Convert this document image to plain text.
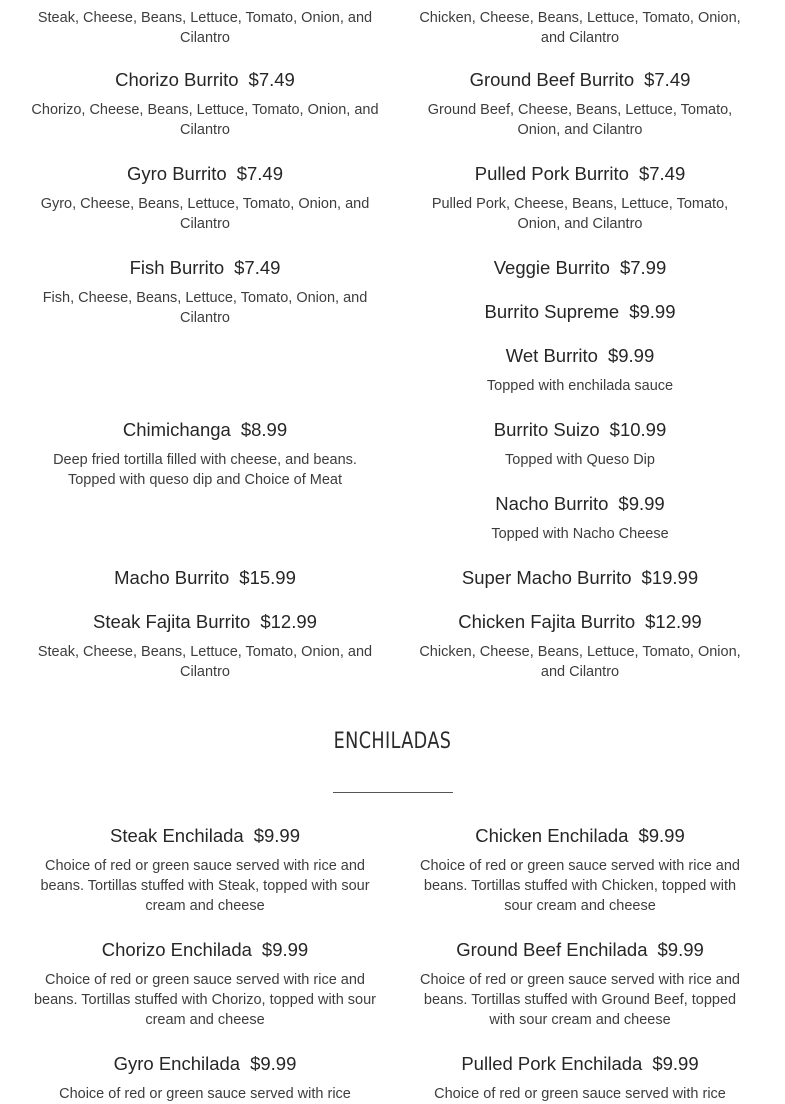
Steak, Cheese, Beans, Lettuce, Tomato, Onion, and Cilantro
Chorizo Burrito $7.49
Chorizo, Cheese, Beans, Lettuce, Tomato, Onion, and Cilantro
Gyro Burrito $7.49
Gyro, Cheese, Beans, Lettuce, Tomato, Onion, and Cilantro
Fish Burrito $7.49
Fish, Cheese, Beans, Lettuce, Tomato, Onion, and Cilantro
Chimichanga $8.99
Deep fried tortilla filled with cheese, and beans. Topped with queso dip and Choice of Meat
Macho Burrito $15.99
Steak Fajita Burrito $12.99
Steak, Cheese, Beans, Lettuce, Tomato, Onion, and Cilantro
Chicken, Cheese, Beans, Lettuce, Tomato, Onion, and Cilantro
Ground Beef Burrito $7.49
Ground Beef, Cheese, Beans, Lettuce, Tomato, Onion, and Cilantro
Pulled Pork Burrito $7.49
Pulled Pork, Cheese, Beans, Lettuce, Tomato, Onion, and Cilantro
Veggie Burrito $7.99
Burrito Supreme $9.99
Wet Burrito $9.99
Topped with enchilada sauce
Burrito Suizo $10.99
Topped with Queso Dip
Nacho Burrito $9.99
Topped with Nacho Cheese
Super Macho Burrito $19.99
Chicken Fajita Burrito $12.99
Chicken, Cheese, Beans, Lettuce, Tomato, Onion, and Cilantro
ENCHILADAS
Steak Enchilada $9.99
Choice of red or green sauce served with rice and beans. Tortillas stuffed with Steak, topped with sour cream and cheese
Chorizo Enchilada $9.99
Choice of red or green sauce served with rice and beans. Tortillas stuffed with Chorizo, topped with sour cream and cheese
Gyro Enchilada $9.99
Choice of red or green sauce served with rice
Chicken Enchilada $9.99
Choice of red or green sauce served with rice and beans. Tortillas stuffed with Chicken, topped with sour cream and cheese
Ground Beef Enchilada $9.99
Choice of red or green sauce served with rice and beans. Tortillas stuffed with Ground Beef, topped with sour cream and cheese
Pulled Pork Enchilada $9.99
Choice of red or green sauce served with rice
